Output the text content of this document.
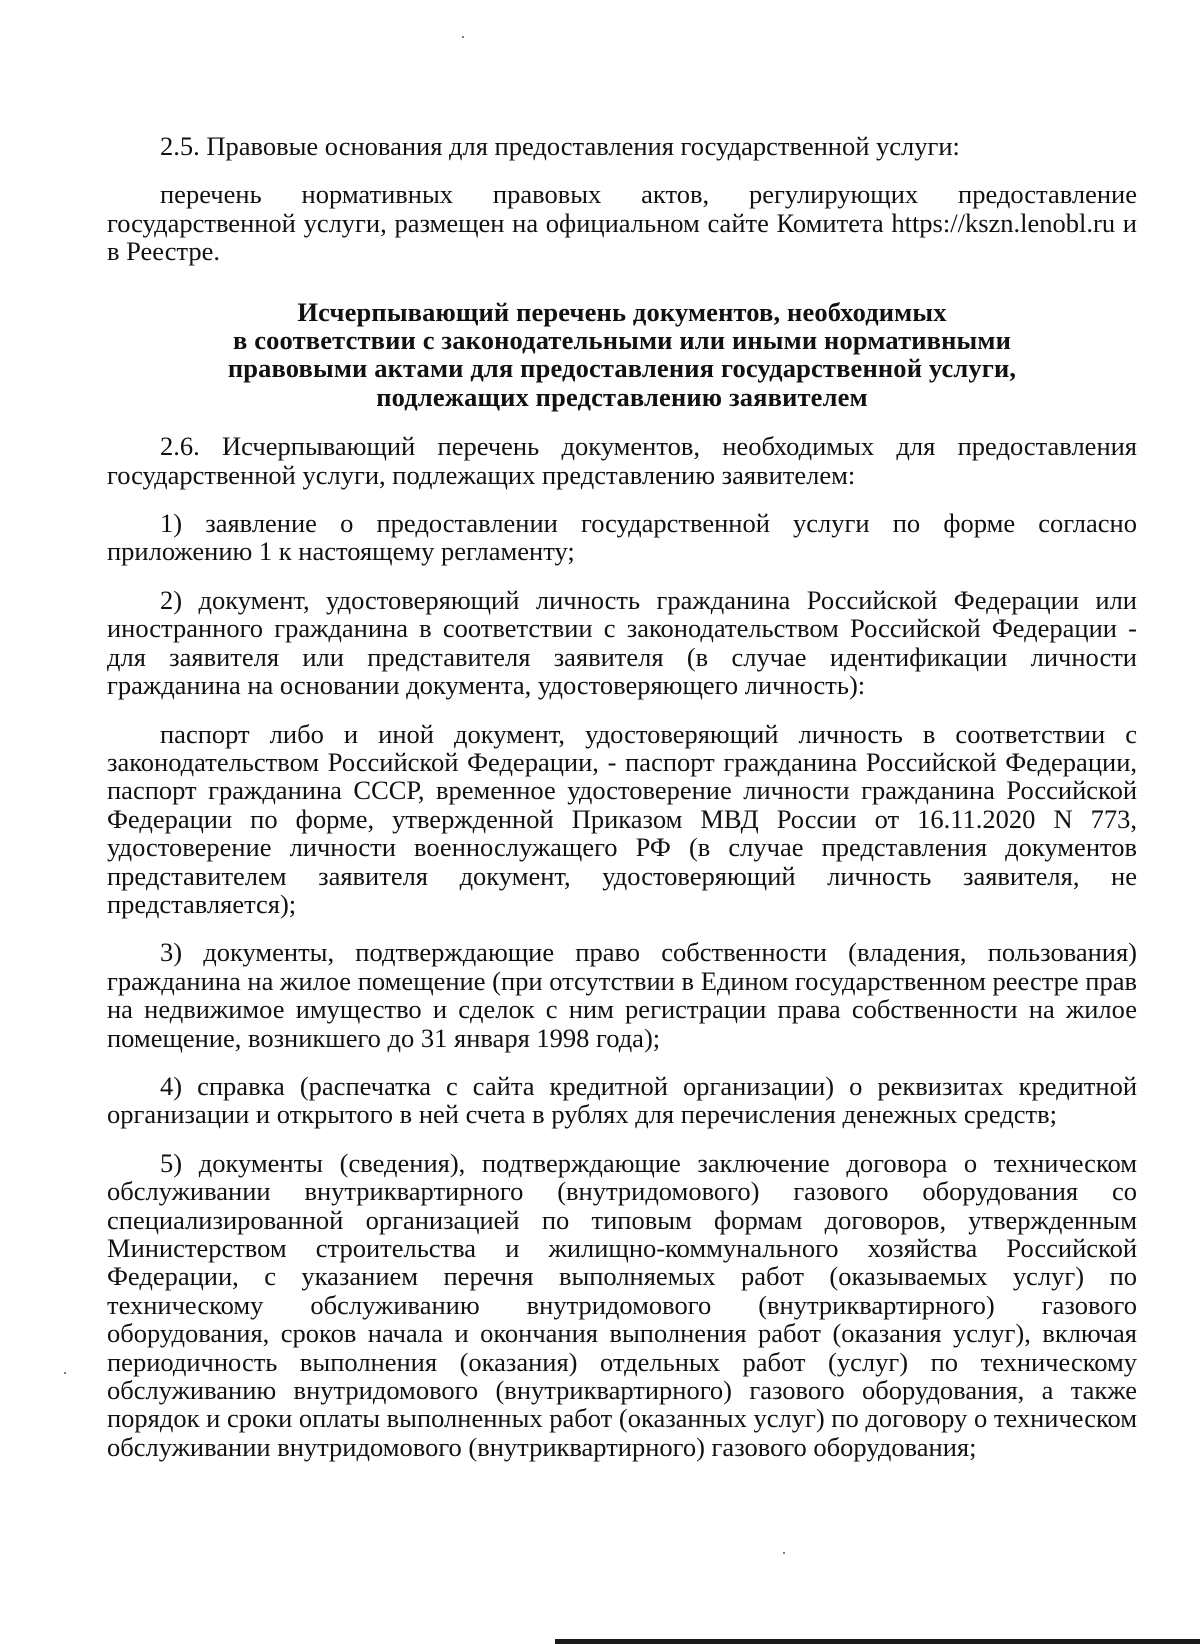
2.5. Правовые основания для предоставления государственной услуги:

перечень нормативных правовых актов, регулирующих предоставление государственной услуги, размещен на официальном сайте Комитета https://kszn.lenobl.ru и в Реестре.

Исчерпывающий перечень документов, необходимых

в соответствии с законодательными или иными нормативными

правовыми актами для предоставления государственной услуги,

подлежащих представлению заявителем

2.6. Исчерпывающий перечень документов, необходимых для предоставления государственной услуги, подлежащих представлению заявителем:

1) заявление о предоставлении государственной услуги по форме согласно приложению 1 к настоящему регламенту;

2) документ, удостоверяющий личность гражданина Российской Федерации или иностранного гражданина в соответствии с законодательством Российской Федерации - для заявителя или представителя заявителя (в случае идентификации личности гражданина на основании документа, удостоверяющего личность):

паспорт либо и иной документ, удостоверяющий личность в соответствии с законодательством Российской Федерации, - паспорт гражданина Российской Федерации, паспорт гражданина СССР, временное удостоверение личности гражданина Российской Федерации по форме, утвержденной Приказом МВД России от 16.11.2020 N 773, удостоверение личности военнослужащего РФ (в случае представления документов представителем заявителя документ, удостоверяющий личность заявителя, не представляется);

3) документы, подтверждающие право собственности (владения, пользования) гражданина на жилое помещение (при отсутствии в Едином государственном реестре прав на недвижимое имущество и сделок с ним регистрации права собственности на жилое помещение, возникшего до 31 января 1998 года);

4) справка (распечатка с сайта кредитной организации) о реквизитах кредитной организации и открытого в ней счета в рублях для перечисления денежных средств;

5) документы (сведения), подтверждающие заключение договора о техническом обслуживании внутриквартирного (внутридомового) газового оборудования со специализированной организацией по типовым формам договоров, утвержденным Министерством строительства и жилищно-коммунального хозяйства Российской Федерации, с указанием перечня выполняемых работ (оказываемых услуг) по техническому обслуживанию внутридомового (внутриквартирного) газового оборудования, сроков начала и окончания выполнения работ (оказания услуг), включая периодичность выполнения (оказания) отдельных работ (услуг) по техническому обслуживанию внутридомового (внутриквартирного) газового оборудования, а также порядок и сроки оплаты выполненных работ (оказанных услуг) по договору о техническом обслуживании внутридомового (внутриквартирного) газового оборудования;
